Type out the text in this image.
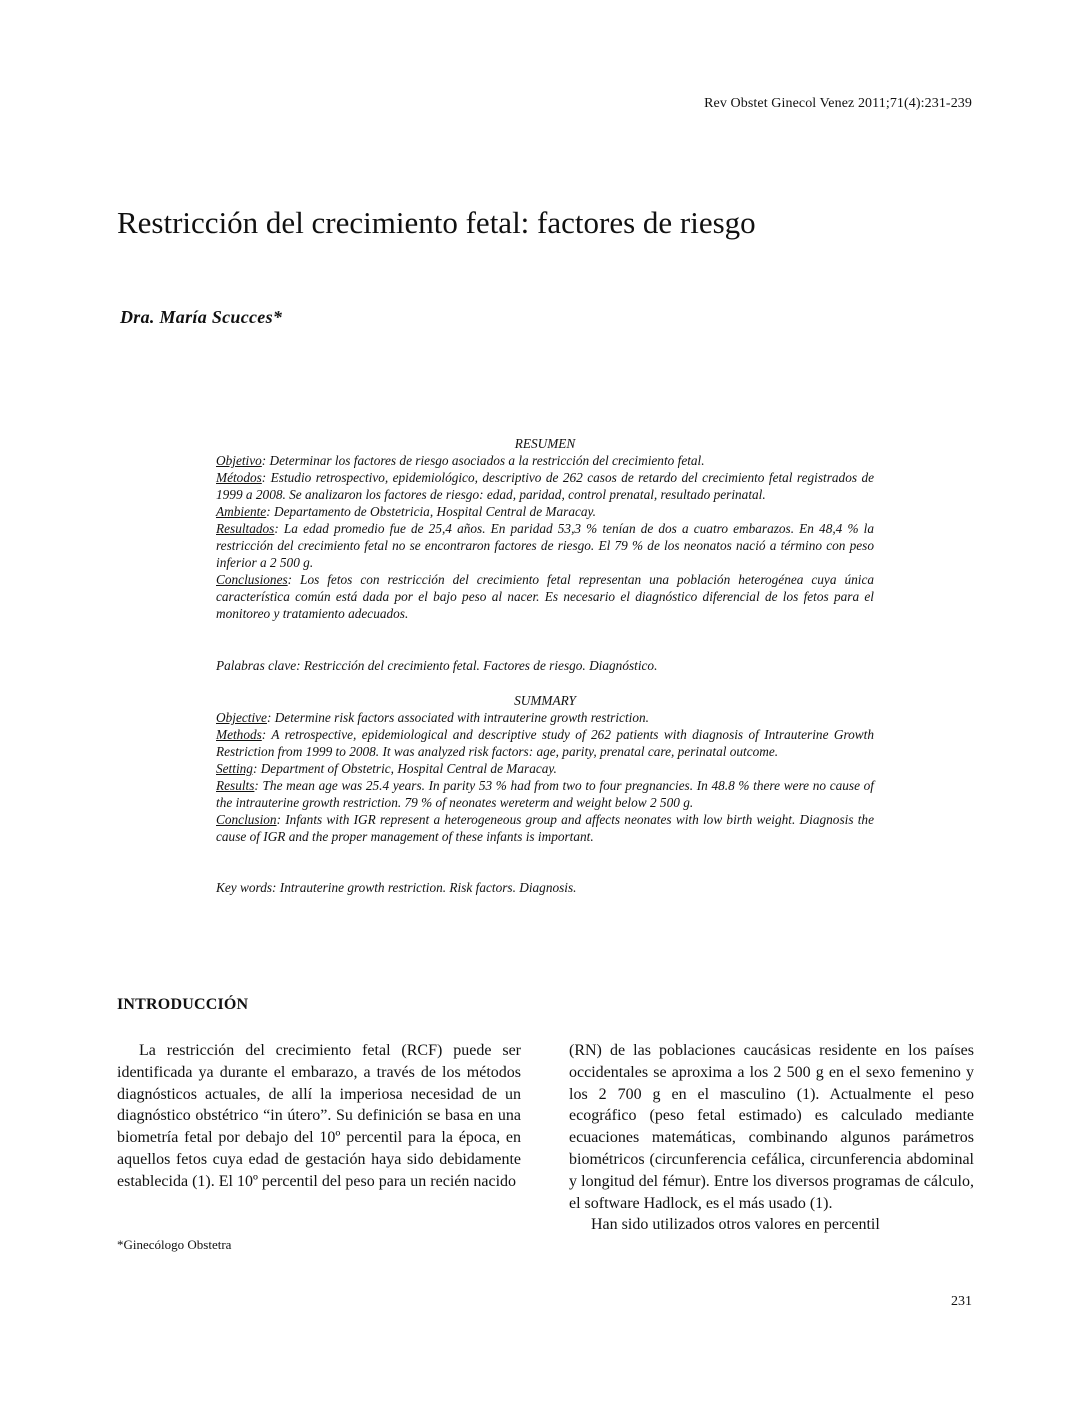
Rev Obstet Ginecol Venez 2011;71(4):231-239
Restricción del crecimiento fetal: factores de riesgo
Dra. María Scucces*

RESUMEN

Objetivo: Determinar los factores de riesgo asociados a la restricción del crecimiento fetal.

Métodos: Estudio retrospectivo, epidemiológico, descriptivo de 262 casos de retardo del crecimiento fetal registrados de 1999 a 2008. Se analizaron los factores de riesgo: edad, paridad, control prenatal, resultado perinatal.

Ambiente: Departamento de Obstetricia, Hospital Central de Maracay.

Resultados: La edad promedio fue de 25,4 años. En paridad 53,3 % tenían de dos a cuatro embarazos. En 48,4 % la restricción del crecimiento fetal no se encontraron factores de riesgo. El 79 % de los neonatos nació a término con peso inferior a 2 500 g.

Conclusiones: Los fetos con restricción del crecimiento fetal representan una población heterogénea cuya única característica común está dada por el bajo peso al nacer. Es necesario el diagnóstico diferencial de los fetos para el monitoreo y tratamiento adecuados.

Palabras clave: Restricción del crecimiento fetal. Factores de riesgo. Diagnóstico.

SUMMARY

Objective: Determine risk factors associated with intrauterine growth restriction.

Methods: A retrospective, epidemiological and descriptive study of 262 patients with diagnosis of Intrauterine Growth Restriction from 1999 to 2008. It was analyzed risk factors: age, parity, prenatal care, perinatal outcome.

Setting: Department of Obstetric, Hospital Central de Maracay.

Results: The mean age was 25.4 years. In parity 53 % had from two to four pregnancies. In 48.8 % there were no cause of the intrauterine growth restriction. 79 % of neonates wereterm and weight below 2 500 g.

Conclusion: Infants with IGR represent a heterogeneous group and affects neonates with low birth weight. Diagnosis the cause of IGR and the proper management of these infants is important.

Key words: Intrauterine growth restriction. Risk factors. Diagnosis.
INTRODUCCIÓN

La restricción del crecimiento fetal (RCF) puede ser identificada ya durante el embarazo, a través de los métodos diagnósticos actuales, de allí la imperiosa necesidad de un diagnóstico obstétrico “in útero”. Su definición se basa en una biometría fetal por debajo del 10º percentil para la época, en aquellos fetos cuya edad de gestación haya sido debidamente establecida (1). El 10º percentil del peso para un recién nacido

(RN) de las poblaciones caucásicas residente en los países occidentales se aproxima a los 2 500 g en el sexo femenino y los 2 700 g en el masculino (1). Actualmente el peso ecográfico (peso fetal estimado) es calculado mediante ecuaciones matemáticas, combinando algunos parámetros biométricos (circunferencia cefálica, circunferencia abdominal y longitud del fémur). Entre los diversos programas de cálculo, el software Hadlock, es el más usado (1).

Han sido utilizados otros valores en percentil

*Ginecólogo Obstetra
231
